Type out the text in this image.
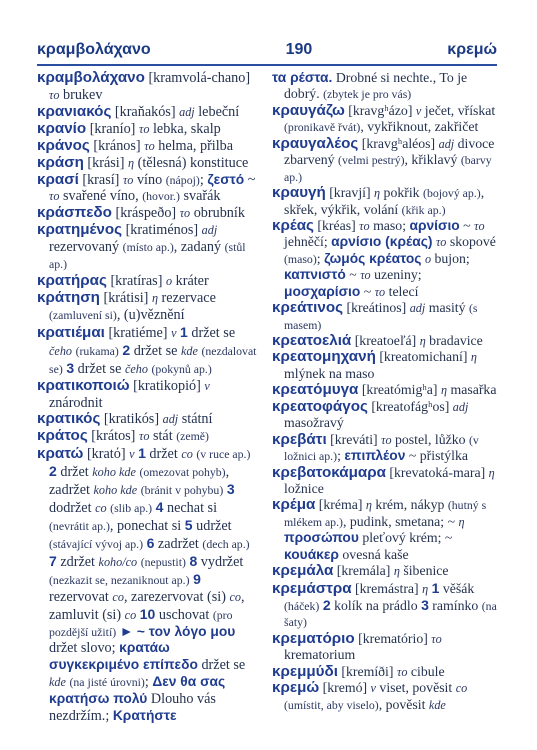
κραμβολάχανο	190	κρεμώ

κραμβολάχανο [kramvolá-chano] το brukev

κρανιακός [kraňakós] adj lebeční

κρανίο [kranío] το lebka, skalp

κράνος [krános] το helma, přilba

κράση [krási] η (tělesná) konstituce

κρασί [krasí] το víno (nápoj); ζεστό ~ το svařené víno, (hovor.) svařák

κράσπεδο [kráspeðo] το obrubník

κρατημένος [kratiménos] adj rezervovaný (místo ap.), zadaný (stůl ap.)

κρατήρας [kratíras] ο kráter

κράτηση [krátisi] η rezervace (zamluvení si), (u)věznění

κρατιέμαι [kratiéme] v 1 držet se čeho (rukama) 2 držet se kde (nezdalovat se) 3 držet se čeho (pokynů ap.)

κρατικοποιώ [kratikopió] v znárodnit

κρατικός [kratikós] adj státní

κράτος [krátos] το stát (země)

κρατώ [kratό] v 1 držet co (v ruce ap.) 2 držet koho kde (omezovat pohyb), zadržet koho kde (bránit v pohybu) 3 dodržet co (slib ap.) 4 nechat si (nevrátit ap.), ponechat si 5 udržet (stávající vývoj ap.) 6 zadržet (dech ap.) 7 zdržet koho/co (nepustit) 8 vydržet (nezkazit se, nezaniknout ap.) 9 rezervovat co, zarezervovat (si) co, zamluvit (si) co 10 uschovat (pro pozdější užití) ► ~ τον λόγο μου držet slovo; κρατάω συγκεκριμένο επίπεδο držet se kde (na jisté úrovni); Δεν θα σας κρατήσω πολύ Dlouho vás nezdržím.; Κρατήστε

τα ρέστα. Drobné si nechte., To je dobrý. (zbytek je pro vás)

κραυγάζω [kravgʰázo] v ječet, vřískat (pronikavě řvát), vykřiknout, zakřičet

κραυγαλέος [kravgʰaléos] adj divoce zbarvený (velmi pestrý), křiklavý (barvy ap.)

κραυγή [kravjí] η pokřik (bojový ap.), skřek, výkřik, volání (křik ap.)

κρέας [kréas] το maso; αρνίσιο ~ το jehněčí; αρνίσιο (κρέας) το skopové (maso); ζωμός κρέατος ο bujon; καπνιστό ~ το uzeniny; μοσχαρίσιο ~ το telecí

κρεάτινος [kreátinos] adj masitý (s masem)

κρεατοελιά [kreatoeľá] η bradavice

κρεατομηχανή [kreatomichaní] η mlýnek na maso

κρεατόμυγα [kreatómigʰa] η masařka

κρεατοφάγος [kreatofágʰos] adj masožravý

κρεβάτι [kreváti] το postel, lůžko (v ložnici ap.); επιπλέον ~ přistýlka

κρεβατοκάμαρα [krevatoká-mara] η ložnice

κρέμα [kréma] η krém, nákyp (hutný s mlékem ap.), pudink, smetana; ~ η προσώπου pleťový krém; ~ κουάκερ ovesná kaše

κρεμάλα [kremála] η šibenice

κρεμάστρα [kremástra] η 1 věšák (háček) 2 kolík na prádlo 3 ramínko (na šaty)

κρεματόριο [krematório] το krematorium

κρεμμύδι [kremíði] το cibule

κρεμώ [kremó] v viset, pověsit co (umístit, aby viselo), pověsit kde
